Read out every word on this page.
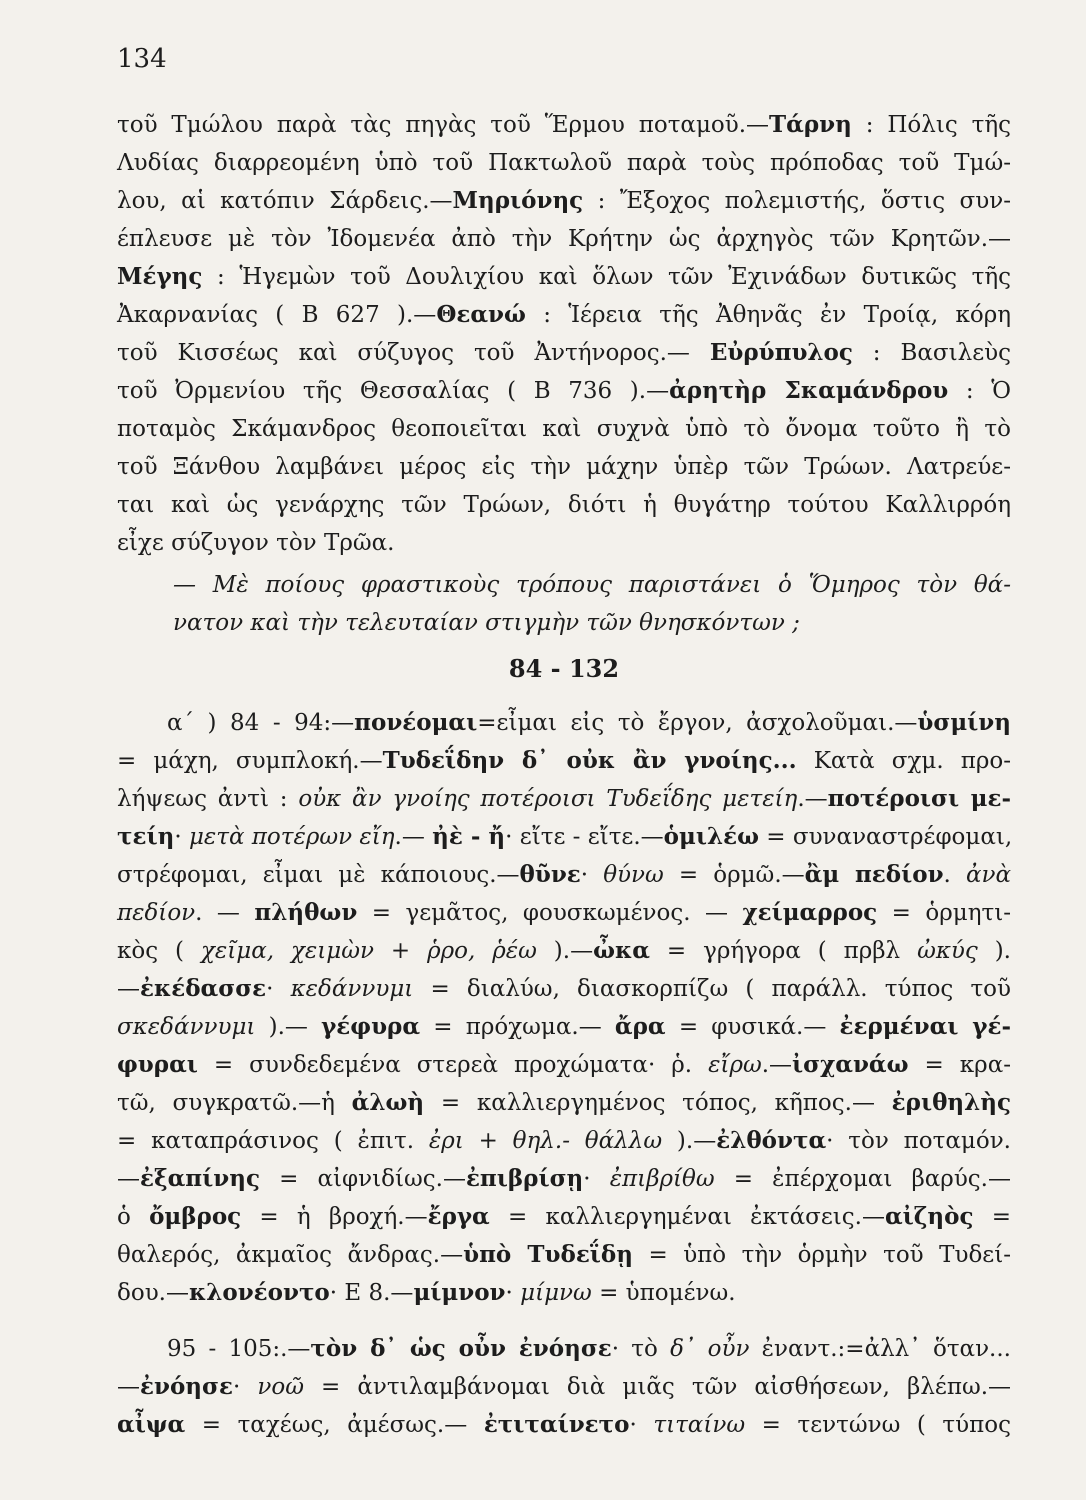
134
τοῦ Τμώλου παρὰ τὰς πηγὰς τοῦ Ἕρμου ποταμοῦ.—Τάρνη : Πόλις τῆς
Λυδίας διαρρεομένη ὑπὸ τοῦ Πακτωλοῦ παρὰ τοὺς πρόποδας τοῦ Τμώ-
λου, αἱ κατόπιν Σάρδεις.—Μηριόνης : Ἔξοχος πολεμιστής, ὅστις συν-
έπλευσε μὲ τὸν Ἰδομενέα ἀπὸ τὴν Κρήτην ὡς ἀρχηγὸς τῶν Κρητῶν.—
Μέγης : Ἡγεμὼν τοῦ Δουλιχίου καὶ ὅλων τῶν Ἐχινάδων δυτικῶς τῆς
Ἀκαρνανίας ( Β 627 ).—Θεανώ : Ἱέρεια τῆς Ἀθηνᾶς ἐν Τροίᾳ, κόρη
τοῦ Κισσέως καὶ σύζυγος τοῦ Ἀντήνορος.— Εὐρύπυλος : Βασιλεὺς
τοῦ Ὀρμενίου τῆς Θεσσαλίας ( Β 736 ).—ἀρητὴρ Σκαμάνδρου : Ὁ
ποταμὸς Σκάμανδρος θεοποιεῖται καὶ συχνὰ ὑπὸ τὸ ὄνομα τοῦτο ἢ τὸ
τοῦ Ξάνθου λαμβάνει μέρος εἰς τὴν μάχην ὑπὲρ τῶν Τρώων. Λατρεύε-
ται καὶ ὡς γενάρχης τῶν Τρώων, διότι ἡ θυγάτηρ τούτου Καλλιρρόη
εἶχε σύζυγον τὸν Τρῶα.
— Μὲ ποίους φραστικοὺς τρόπους παριστάνει ὁ Ὅμηρος τὸν θά-
νατον καὶ τὴν τελευταίαν στιγμὴν τῶν θνησκόντων ;
84 - 132
α΄ ) 84 - 94:—πονέομαι=εἶμαι εἰς τὸ ἔργον, ἀσχολοῦμαι.—ὑσμίνη
= μάχη, συμπλοκή.—Τυδεΐδην δ᾽ οὐκ ἂν γνοίης... Κατὰ σχμ. προ-
λήψεως ἀντὶ : οὐκ ἂν γνοίης ποτέροισι Τυδεΐδης μετείη.—ποτέροισι με-
τείη· μετὰ ποτέρων εἴη.— ἠὲ - ἤ· εἴτε - εἴτε.—ὁμιλέω = συναναστρέφομαι,
στρέφομαι, εἶμαι μὲ κάποιους.—θῦνε· θύνω = ὁρμῶ.—ἂμ πεδίον. ἀνὰ
πεδίον. — πλήθων = γεμᾶτος, φουσκωμένος. — χείμαρρος = ὁρμητι-
κὸς ( χεῖμα, χειμὼν + ῥρο, ῥέω ).—ὦκα = γρήγορα ( πρβλ ὠκύς ).
—ἐκέδασσε· κεδάννυμι = διαλύω, διασκορπίζω ( παράλλ. τύπος τοῦ
σκεδάννυμι ).— γέφυρα = πρόχωμα.— ἄρα = φυσικά.— ἐερμέναι γέ-
φυραι = συνδεδεμένα στερεὰ προχώματα· ῥ. εἴρω.—ἰσχανάω = κρα-
τῶ, συγκρατῶ.—ἡ ἀλωὴ = καλλιεργημένος τόπος, κῆπος.— ἐριθηλὴς
= καταπράσινος ( ἐπιτ. ἐρι + θηλ.- θάλλω ).—ἐλθόντα· τὸν ποταμόν.
—ἐξαπίνης = αἰφνιδίως.—ἐπιβρίσῃ· ἐπιβρίθω = ἐπέρχομαι βαρύς.—
ὁ ὄμβρος = ἡ βροχή.—ἔργα = καλλιεργημέναι ἐκτάσεις.—αἰζηὸς =
θαλερός, ἀκμαῖος ἄνδρας.—ὑπὸ Τυδεΐδῃ = ὑπὸ τὴν ὁρμὴν τοῦ Τυδεί-
δου.—κλονέοντο· Ε 8.—μίμνον· μίμνω = ὑπομένω.
95 - 105:.—τὸν δ᾽ ὡς οὖν ἐνόησε· τὸ δ᾽ οὖν ἐναντ.:=ἀλλ᾽ ὅταν...
—ἐνόησε· νοῶ = ἀντιλαμβάνομαι διὰ μιᾶς τῶν αἰσθήσεων, βλέπω.—
αἶψα = ταχέως, ἀμέσως.— ἐτιταίνετο· τιταίνω = τεντώνω ( τύπος
